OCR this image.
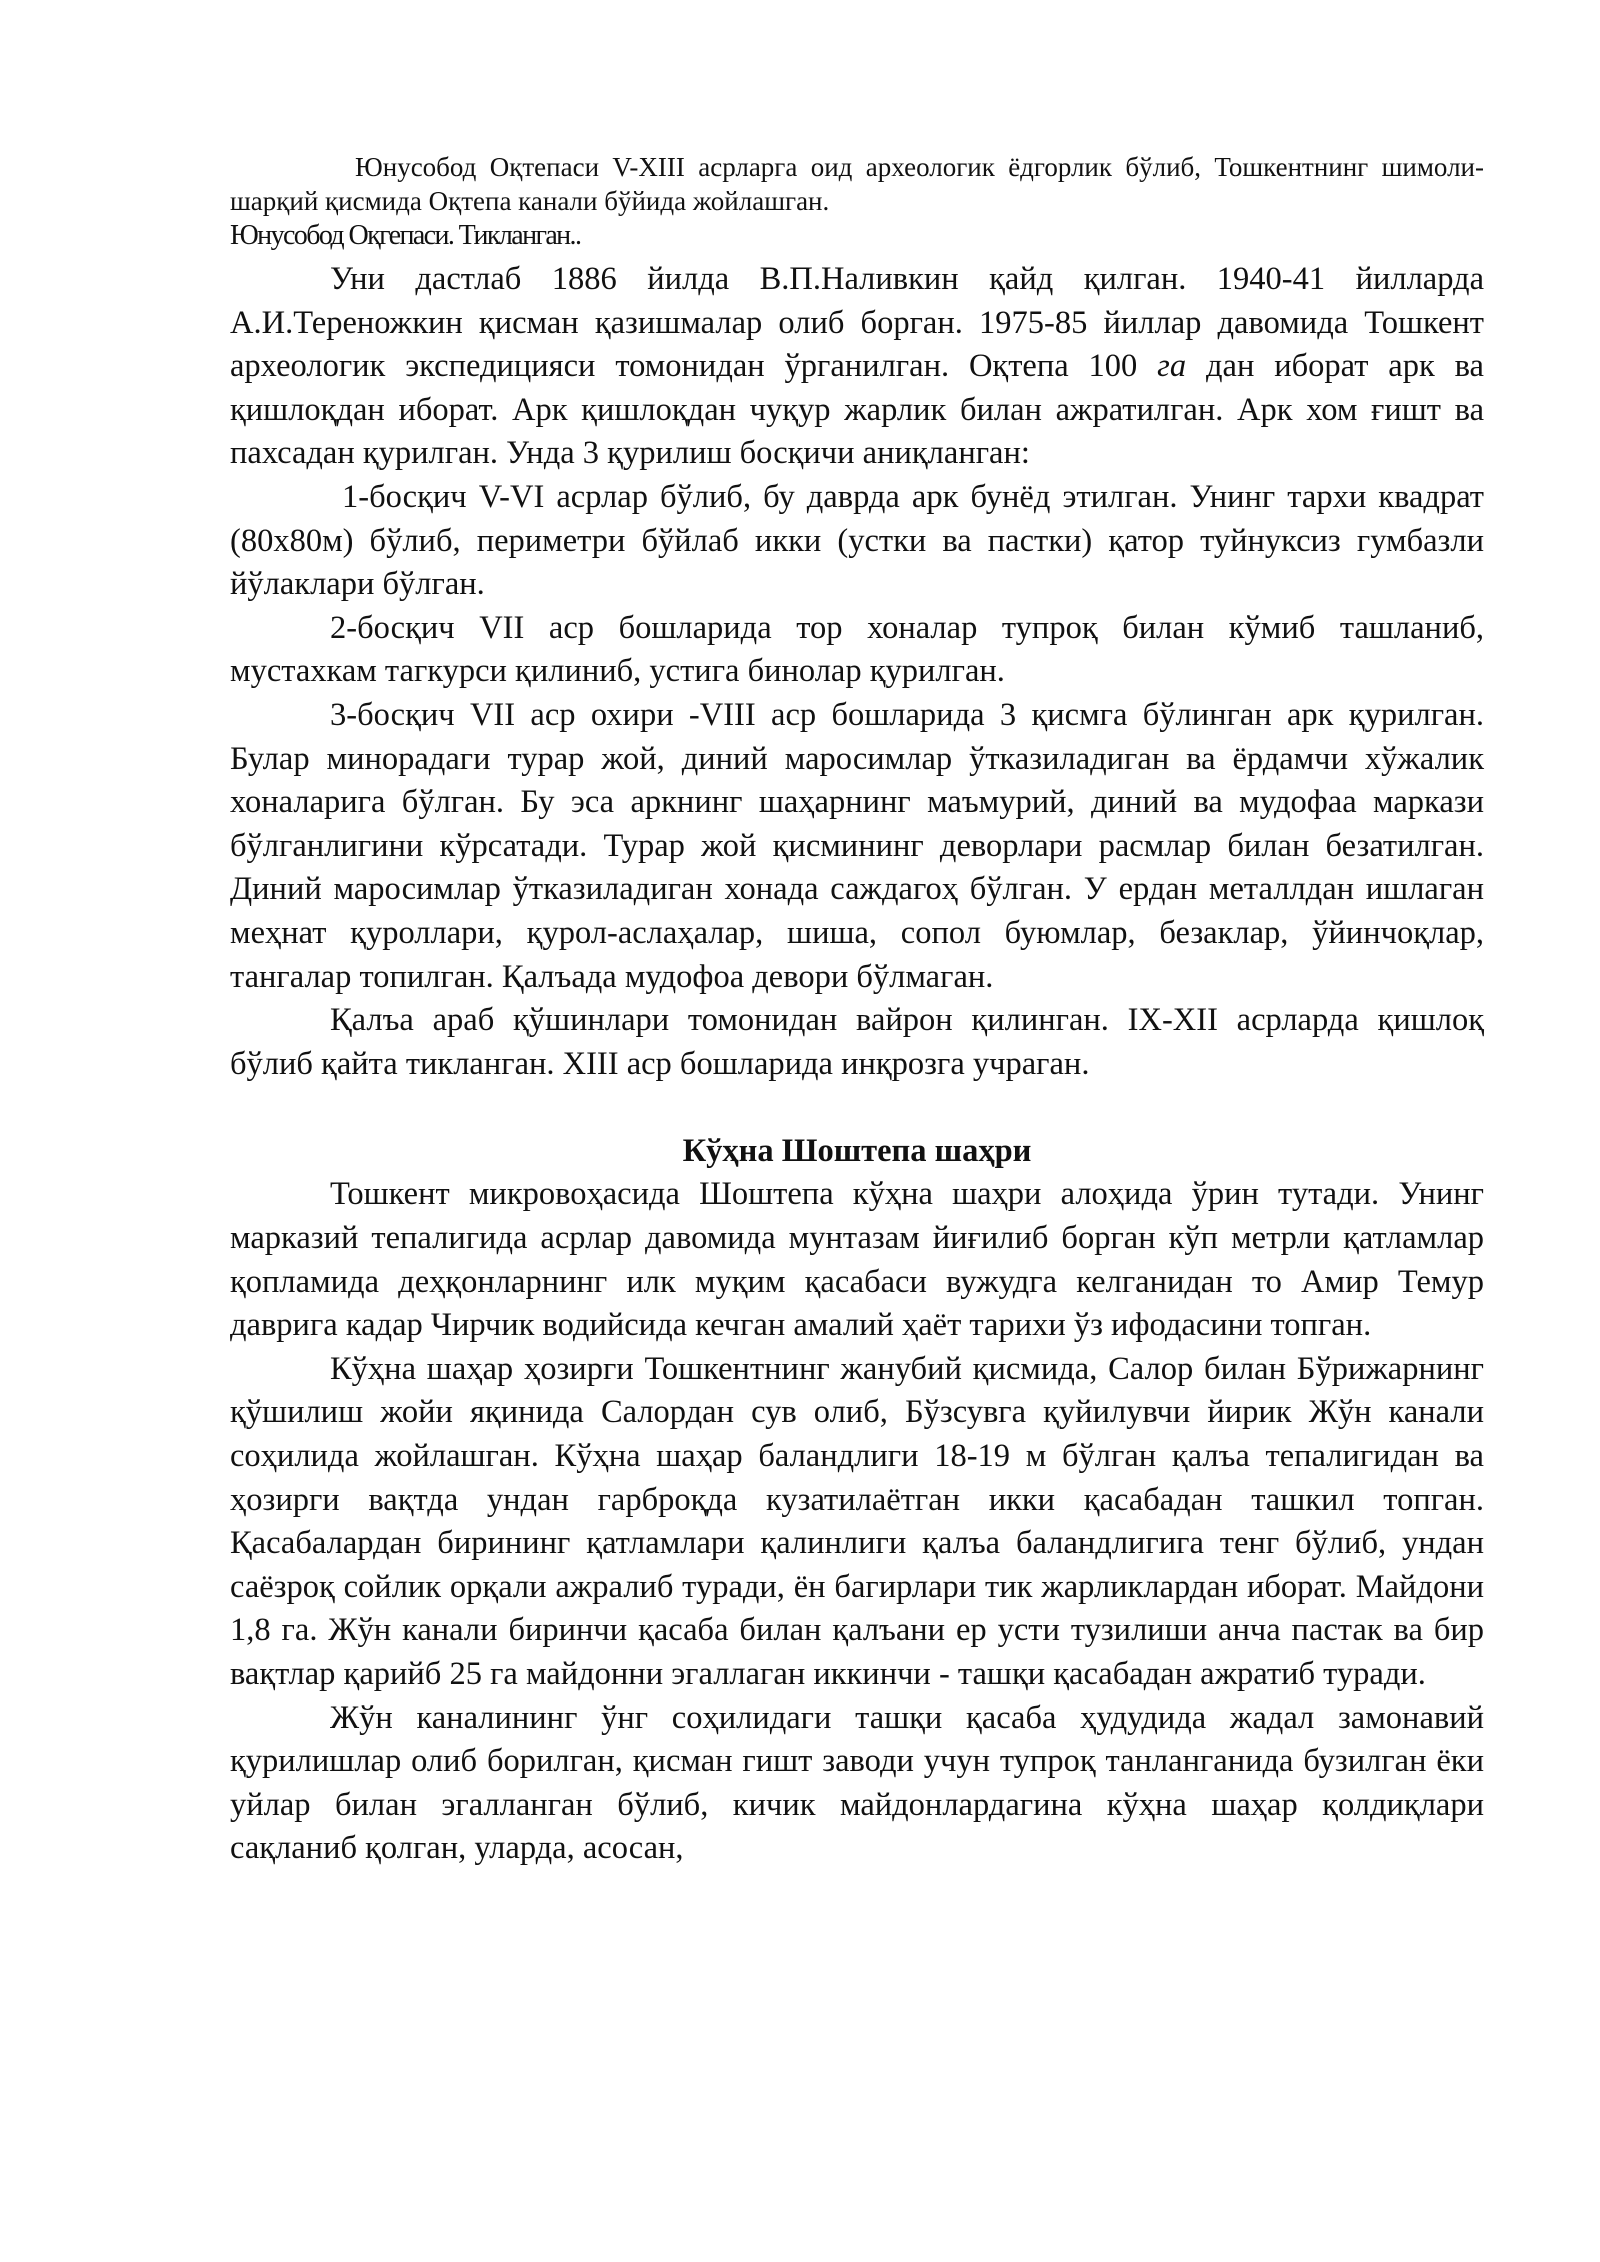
Юнусобод Оқтепаси V-XIII асрларга оид археологик ёдгорлик бўлиб, Тошкентнинг шимоли- шарқий қисмида Оқтепа канали бўйида жойлашган.

Юнусобод Оқгепаси. Тикланган..

Уни дастлаб 1886 йилда В.П.Наливкин қайд қилган. 1940-41 йилларда А.И.Тереножкин қисман қазишмалар олиб борган. 1975-85 йиллар давомида Тошкент археологик экспедицияси томонидан ўрганилган. Оқтепа 100 га дан иборат арк ва қишлоқдан иборат. Арк қишлоқдан чуқур жарлик билан ажратилган. Арк хом ғишт ва пахсадан қурилган. Унда 3 қурилиш босқичи аниқланган:

1-босқич V-VI асрлар бўлиб, бу даврда арк бунёд этилган. Унинг тархи квадрат (80х80м) бўлиб, периметри бўйлаб икки (устки ва пастки) қатор туйнуксиз гумбазли йўлаклари бўлган.

2-босқич VII аср бошларида тор хоналар тупроқ билан кўмиб ташланиб, мустахкам тагкурси қилиниб, устига бинолар қурилган.

3-босқич VII аср охири -VIII аср бошларида 3 қисмга бўлинган арк қурилган. Булар минорадаги турар жой, диний маросимлар ўтказиладиган ва ёрдамчи хўжалик хоналарига бўлган. Бу эса аркнинг шаҳарнинг маъмурий, диний ва мудофаа маркази бўлганлигини кўрсатади. Турар жой қисмининг деворлари расмлар билан безатилган. Диний маросимлар ўтказиладиган хонада саждагоҳ бўлган. У ердан металлдан ишлаган меҳнат қуроллари, қурол-аслаҳалар, шиша, сопол буюмлар, безаклар, ўйинчоқлар, тангалар топилган. Қалъада мудофоа девори бўлмаган.

Қалъа араб қўшинлари томонидан вайрон қилинган. IX-XII асрларда қишлоқ бўлиб қайта тикланган. XIII аср бошларида инқрозга учраган.

Кўҳна Шоштепа шаҳри

Тошкент микровоҳасида Шоштепа кўҳна шаҳри алоҳида ўрин тутади. Унинг марказий тепалигида асрлар давомида мунтазам йиғилиб борган кўп метрли қатламлар қопламида деҳқонларнинг илк муқим қасабаси вужудга келганидан то Амир Темур даврига кадар Чирчик водийсида кечган амалий ҳаёт тарихи ўз ифодасини топган.

Кўҳна шаҳар ҳозирги Тошкентнинг жанубий қисмида, Салор билан Бўрижарнинг қўшилиш жойи яқинида Салордан сув олиб, Бўзсувга қуйилувчи йирик Жўн канали соҳилида жойлашган. Кўҳна шаҳар баландлиги 18-19 м бўлган қалъа тепалигидан ва ҳозирги вақтда ундан гарброқда кузатилаётган икки қасабадан ташкил топган. Қасабалардан бирининг қатламлари қалинлиги қалъа баландлигига тенг бўлиб, ундан саёзроқ сойлик орқали ажралиб туради, ён багирлари тик жарликлардан иборат. Майдони 1,8 га. Жўн канали биринчи қасаба билан қалъани ер усти тузилиши анча пастак ва бир вақтлар қарийб 25 га майдонни эгаллаган иккинчи - ташқи қасабадан ажратиб туради.

Жўн каналининг ўнг соҳилидаги ташқи қасаба ҳудудида жадал замонавий қурилишлар олиб борилган, қисман гишт заводи учун тупроқ танланганида бузилган ёки уйлар билан эгалланган бўлиб, кичик майдонлардагина кўҳна шаҳар қолдиқлари сақланиб қолган, уларда, асосан,
